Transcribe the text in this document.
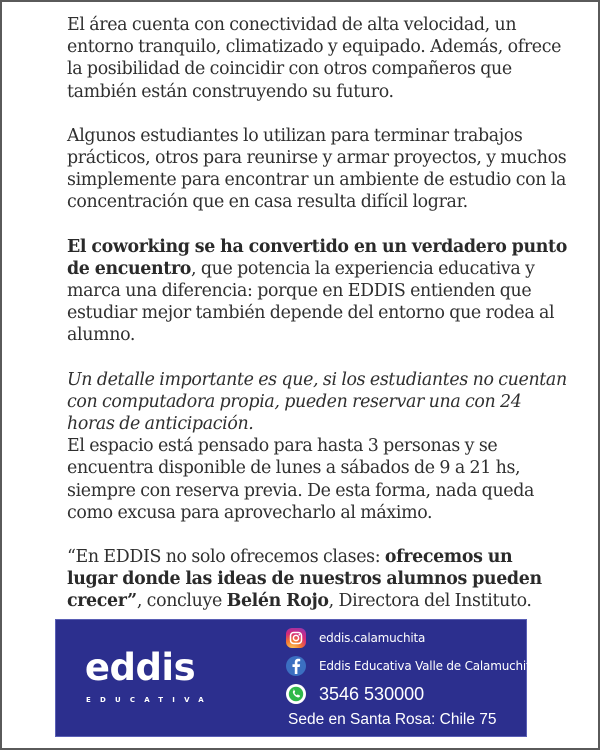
El área cuenta con conectividad de alta velocidad, un entorno tranquilo, climatizado y equipado. Además, ofrece la posibilidad de coincidir con otros compañeros que también están construyendo su futuro.

Algunos estudiantes lo utilizan para terminar trabajos prácticos, otros para reunirse y armar proyectos, y muchos simplemente para encontrar un ambiente de estudio con la concentración que en casa resulta difícil lograr.

El coworking se ha convertido en un verdadero punto de encuentro, que potencia la experiencia educativa y marca una diferencia: porque en EDDIS entienden que estudiar mejor también depende del entorno que rodea al alumno.

Un detalle importante es que, si los estudiantes no cuentan con computadora propia, pueden reservar una con 24 horas de anticipación.

El espacio está pensado para hasta 3 personas y se encuentra disponible de lunes a sábados de 9 a 21 hs, siempre con reserva previa. De esta forma, nada queda como excusa para aprovecharlo al máximo.

“En EDDIS no solo ofrecemos clases: ofrecemos un lugar donde las ideas de nuestros alumnos pueden crecer”, concluye Belén Rojo, Directora del Instituto.

eddis
EDUCATIVA
eddis.calamuchita
Eddis Educativa Valle de Calamuchita
3546 530000
Sede en Santa Rosa: Chile 75
